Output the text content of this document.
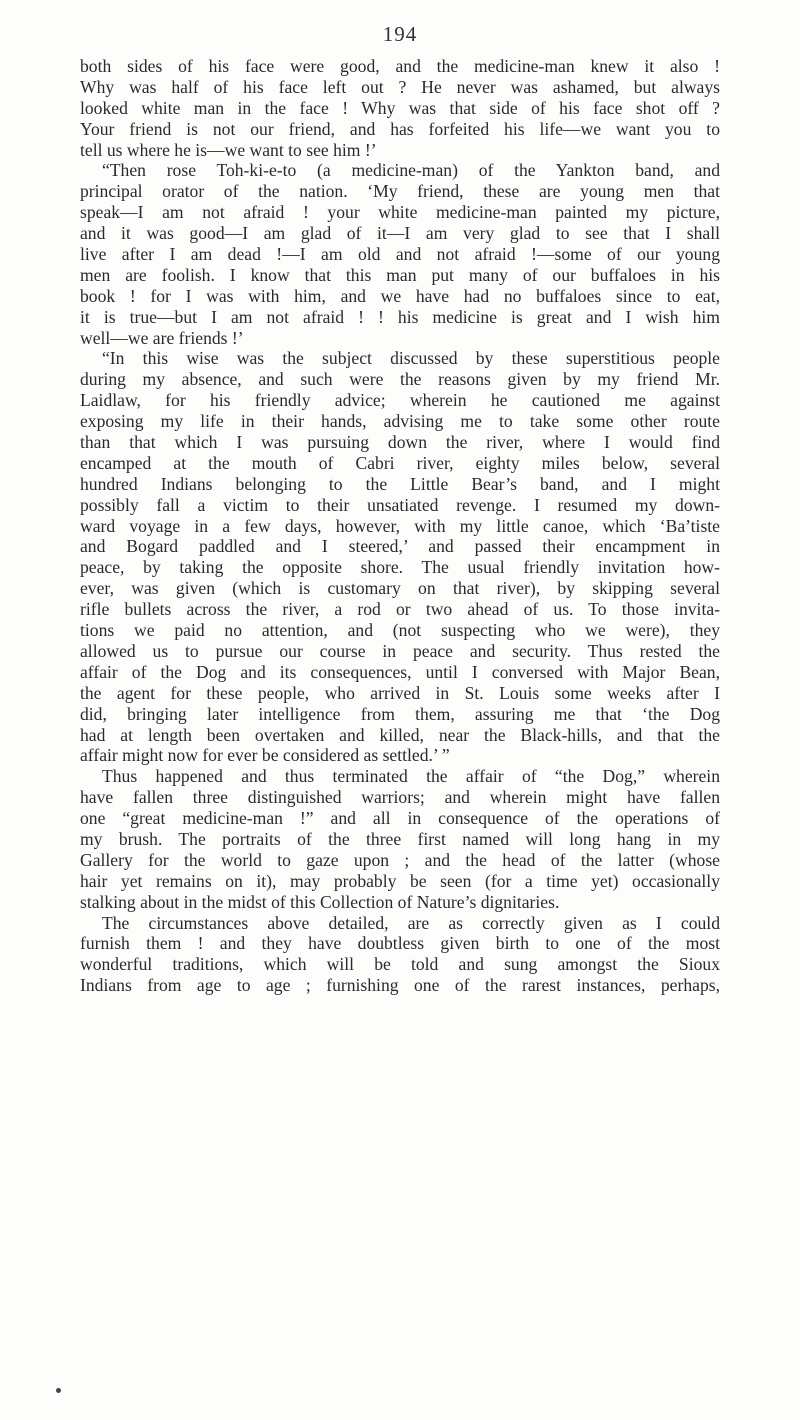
194
both sides of his face were good, and the medicine-man knew it also !
Why was half of his face left out ? He never was ashamed, but always
looked white man in the face ! Why was that side of his face shot off ?
Your friend is not our friend, and has forfeited his life—we want you to
tell us where he is—we want to see him !’
“Then rose Toh-ki-e-to (a medicine-man) of the Yankton band, and
principal orator of the nation. ‘My friend, these are young men that
speak—I am not afraid ! your white medicine-man painted my picture,
and it was good—I am glad of it—I am very glad to see that I shall
live after I am dead !—I am old and not afraid !—some of our young
men are foolish. I know that this man put many of our buffaloes in his
book ! for I was with him, and we have had no buffaloes since to eat,
it is true—but I am not afraid ! ! his medicine is great and I wish him
well—we are friends !’
“In this wise was the subject discussed by these superstitious people
during my absence, and such were the reasons given by my friend Mr.
Laidlaw, for his friendly advice; wherein he cautioned me against
exposing my life in their hands, advising me to take some other route
than that which I was pursuing down the river, where I would find
encamped at the mouth of Cabri river, eighty miles below, several
hundred Indians belonging to the Little Bear’s band, and I might
possibly fall a victim to their unsatiated revenge. I resumed my down-
ward voyage in a few days, however, with my little canoe, which ‘Ba’tiste
and Bogard paddled and I steered,’ and passed their encampment in
peace, by taking the opposite shore. The usual friendly invitation how-
ever, was given (which is customary on that river), by skipping several
rifle bullets across the river, a rod or two ahead of us. To those invita-
tions we paid no attention, and (not suspecting who we were), they
allowed us to pursue our course in peace and security. Thus rested the
affair of the Dog and its consequences, until I conversed with Major Bean,
the agent for these people, who arrived in St. Louis some weeks after I
did, bringing later intelligence from them, assuring me that ‘the Dog
had at length been overtaken and killed, near the Black-hills, and that the
affair might now for ever be considered as settled.’ ”
Thus happened and thus terminated the affair of “the Dog,” wherein
have fallen three distinguished warriors; and wherein might have fallen
one “great medicine-man !” and all in consequence of the operations of
my brush. The portraits of the three first named will long hang in my
Gallery for the world to gaze upon ; and the head of the latter (whose
hair yet remains on it), may probably be seen (for a time yet) occasionally
stalking about in the midst of this Collection of Nature’s dignitaries.
The circumstances above detailed, are as correctly given as I could
furnish them ! and they have doubtless given birth to one of the most
wonderful traditions, which will be told and sung amongst the Sioux
Indians from age to age ; furnishing one of the rarest instances, perhaps,
